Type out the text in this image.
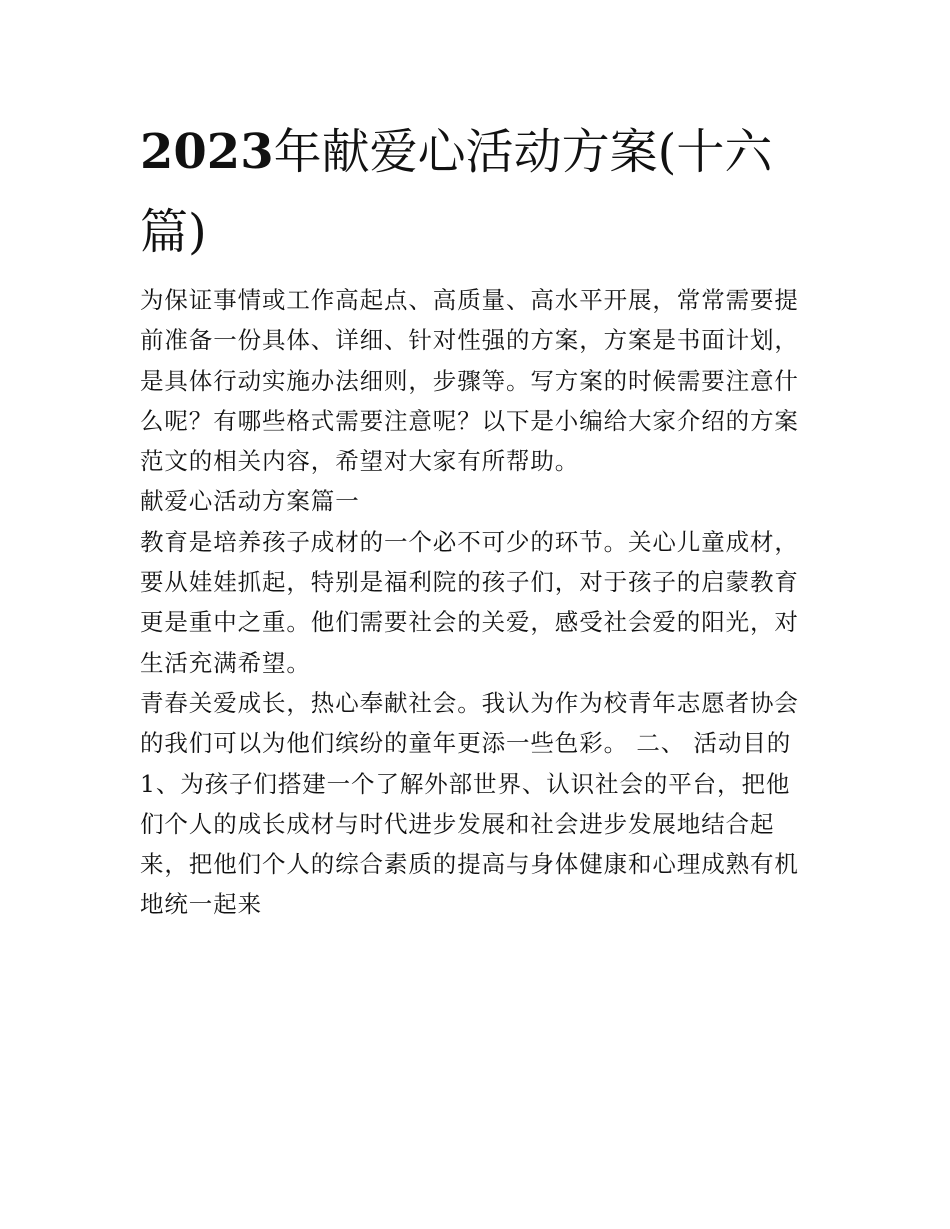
2023年献爱心活动方案(十六
篇)
为保证事情或工作高起点、高质量、高水平开展，常常需要提
前准备一份具体、详细、针对性强的方案，方案是书面计划，
是具体行动实施办法细则，步骤等。写方案的时候需要注意什
么呢？有哪些格式需要注意呢？以下是小编给大家介绍的方案
范文的相关内容，希望对大家有所帮助。
献爱心活动方案篇一
教育是培养孩子成材的一个必不可少的环节。关心儿童成材，
要从娃娃抓起，特别是福利院的孩子们，对于孩子的启蒙教育
更是重中之重。他们需要社会的关爱，感受社会爱的阳光，对
生活充满希望。
青春关爱成长，热心奉献社会。我认为作为校青年志愿者协会
的我们可以为他们缤纷的童年更添一些色彩。 二、 活动目的
1、为孩子们搭建一个了解外部世界、认识社会的平台，把他
们个人的成长成材与时代进步发展和社会进步发展地结合起
来，把他们个人的综合素质的提高与身体健康和心理成熟有机
地统一起来
